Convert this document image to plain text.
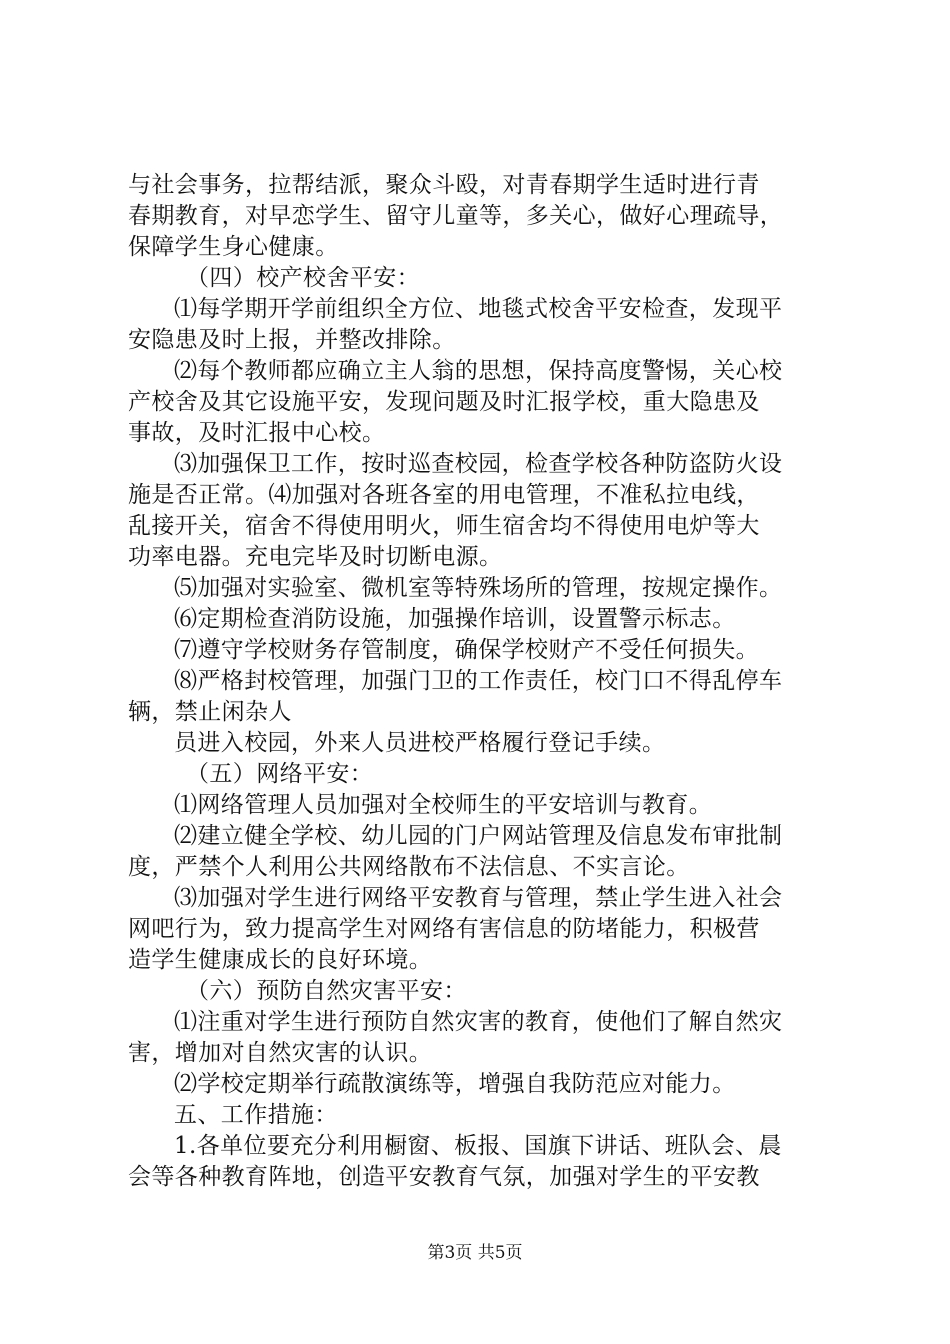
与社会事务，拉帮结派，聚众斗殴，对青春期学生适时进行青
春期教育，对早恋学生、留守儿童等，多关心，做好心理疏导，
保障学生身心健康。
（四）校产校舍平安：
⑴每学期开学前组织全方位、地毯式校舍平安检查，发现平
安隐患及时上报，并整改排除。
⑵每个教师都应确立主人翁的思想，保持高度警惕，关心校
产校舍及其它设施平安，发现问题及时汇报学校，重大隐患及
事故，及时汇报中心校。
⑶加强保卫工作，按时巡查校园，检查学校各种防盗防火设
施是否正常。⑷加强对各班各室的用电管理，不准私拉电线，
乱接开关，宿舍不得使用明火，师生宿舍均不得使用电炉等大
功率电器。充电完毕及时切断电源。
⑸加强对实验室、微机室等特殊场所的管理，按规定操作。
⑹定期检查消防设施，加强操作培训，设置警示标志。
⑺遵守学校财务存管制度，确保学校财产不受任何损失。
⑻严格封校管理，加强门卫的工作责任，校门口不得乱停车
辆，禁止闲杂人
员进入校园，外来人员进校严格履行登记手续。
（五）网络平安：
⑴网络管理人员加强对全校师生的平安培训与教育。
⑵建立健全学校、幼儿园的门户网站管理及信息发布审批制
度，严禁个人利用公共网络散布不法信息、不实言论。
⑶加强对学生进行网络平安教育与管理，禁止学生进入社会
网吧行为，致力提高学生对网络有害信息的防堵能力，积极营
造学生健康成长的良好环境。
（六）预防自然灾害平安：
⑴注重对学生进行预防自然灾害的教育，使他们了解自然灾
害，增加对自然灾害的认识。
⑵学校定期举行疏散演练等，增强自我防范应对能力。
五、工作措施：
1.各单位要充分利用橱窗、板报、国旗下讲话、班队会、晨
会等各种教育阵地，创造平安教育气氛，加强对学生的平安教
第3页 共5页
